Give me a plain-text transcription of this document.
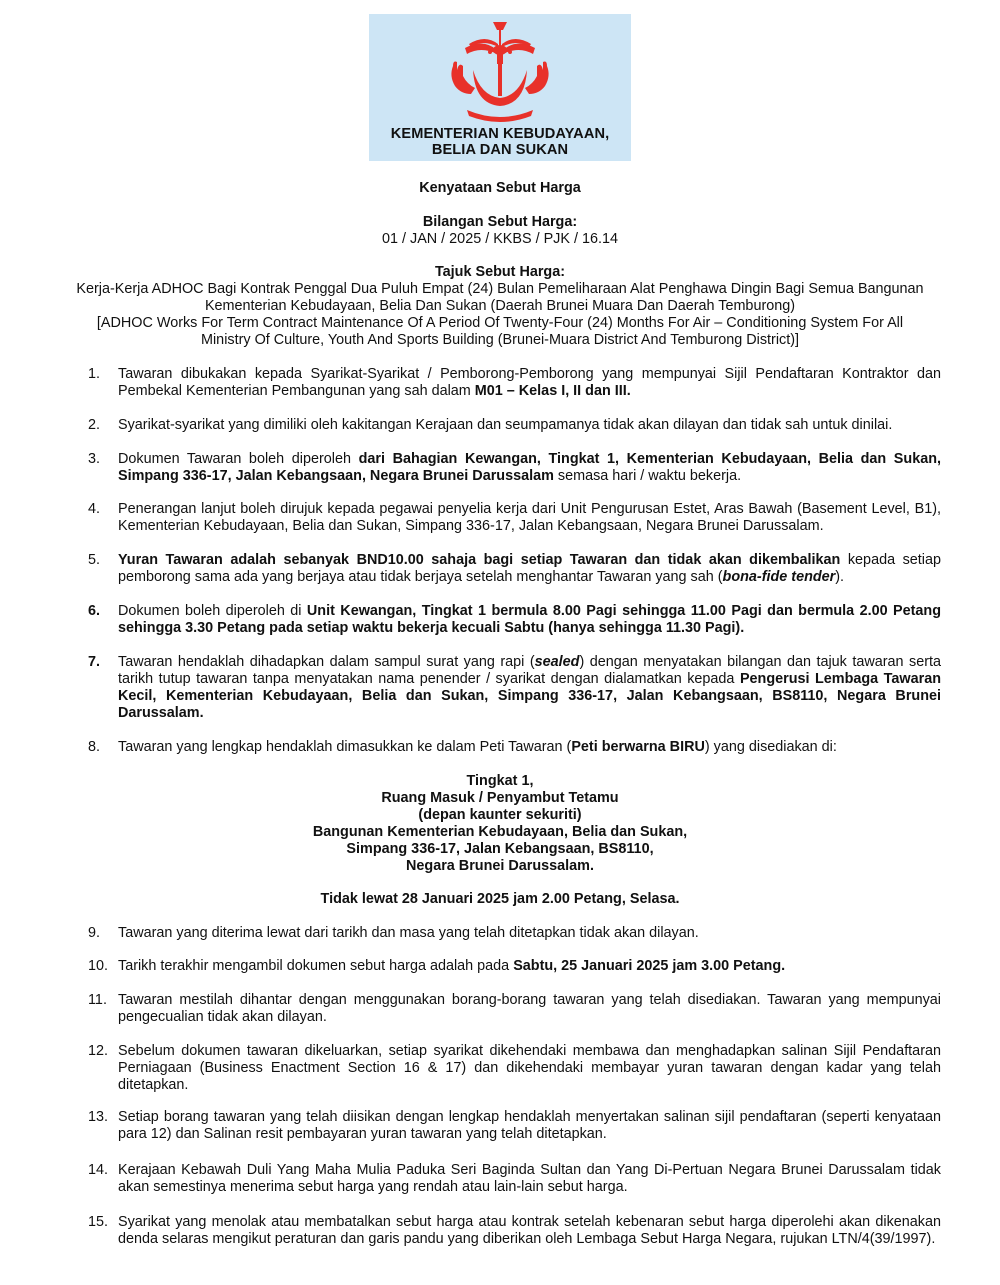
KEMENTERIAN KEBUDAYAAN,
BELIA DAN SUKAN
Kenyataan Sebut Harga
Bilangan Sebut Harga:
01 / JAN / 2025 / KKBS / PJK / 16.14
Tajuk Sebut Harga:
Kerja-Kerja ADHOC Bagi Kontrak Penggal Dua Puluh Empat (24) Bulan Pemeliharaan Alat Penghawa Dingin Bagi Semua Bangunan
Kementerian Kebudayaan, Belia Dan Sukan (Daerah Brunei Muara Dan Daerah Temburong)
[ADHOC Works For Term Contract Maintenance Of A Period Of Twenty-Four (24) Months For Air – Conditioning System For All
Ministry Of Culture, Youth And Sports Building (Brunei-Muara District And Temburong District)]
1. Tawaran dibukakan kepada Syarikat-Syarikat / Pemborong-Pemborong yang mempunyai Sijil Pendaftaran Kontraktor dan Pembekal Kementerian Pembangunan yang sah dalam M01 – Kelas I, II dan III.
2. Syarikat-syarikat yang dimiliki oleh kakitangan Kerajaan dan seumpamanya tidak akan dilayan dan tidak sah untuk dinilai.
3. Dokumen Tawaran boleh diperoleh dari Bahagian Kewangan, Tingkat 1, Kementerian Kebudayaan, Belia dan Sukan, Simpang 336-17, Jalan Kebangsaan, Negara Brunei Darussalam semasa hari / waktu bekerja.
4. Penerangan lanjut boleh dirujuk kepada pegawai penyelia kerja dari Unit Pengurusan Estet, Aras Bawah (Basement Level, B1), Kementerian Kebudayaan, Belia dan Sukan, Simpang 336-17, Jalan Kebangsaan, Negara Brunei Darussalam.
5. Yuran Tawaran adalah sebanyak BND10.00 sahaja bagi setiap Tawaran dan tidak akan dikembalikan kepada setiap pemborong sama ada yang berjaya atau tidak berjaya setelah menghantar Tawaran yang sah (bona-fide tender).
6. Dokumen boleh diperoleh di Unit Kewangan, Tingkat 1 bermula 8.00 Pagi sehingga 11.00 Pagi dan bermula 2.00 Petang sehingga 3.30 Petang pada setiap waktu bekerja kecuali Sabtu (hanya sehingga 11.30 Pagi).
7. Tawaran hendaklah dihadapkan dalam sampul surat yang rapi (sealed) dengan menyatakan bilangan dan tajuk tawaran serta tarikh tutup tawaran tanpa menyatakan nama penender / syarikat dengan dialamatkan kepada Pengerusi Lembaga Tawaran Kecil, Kementerian Kebudayaan, Belia dan Sukan, Simpang 336-17, Jalan Kebangsaan, BS8110, Negara Brunei Darussalam.
8. Tawaran yang lengkap hendaklah dimasukkan ke dalam Peti Tawaran (Peti berwarna BIRU) yang disediakan di:
Tingkat 1,
Ruang Masuk / Penyambut Tetamu
(depan kaunter sekuriti)
Bangunan Kementerian Kebudayaan, Belia dan Sukan,
Simpang 336-17, Jalan Kebangsaan, BS8110,
Negara Brunei Darussalam.
Tidak lewat 28 Januari 2025 jam 2.00 Petang, Selasa.
9. Tawaran yang diterima lewat dari tarikh dan masa yang telah ditetapkan tidak akan dilayan.
10. Tarikh terakhir mengambil dokumen sebut harga adalah pada Sabtu, 25 Januari 2025 jam 3.00 Petang.
11. Tawaran mestilah dihantar dengan menggunakan borang-borang tawaran yang telah disediakan. Tawaran yang mempunyai pengecualian tidak akan dilayan.
12. Sebelum dokumen tawaran dikeluarkan, setiap syarikat dikehendaki membawa dan menghadapkan salinan Sijil Pendaftaran Perniagaan (Business Enactment Section 16 & 17) dan dikehendaki membayar yuran tawaran dengan kadar yang telah ditetapkan.
13. Setiap borang tawaran yang telah diisikan dengan lengkap hendaklah menyertakan salinan sijil pendaftaran (seperti kenyataan para 12) dan Salinan resit pembayaran yuran tawaran yang telah ditetapkan.
14. Kerajaan Kebawah Duli Yang Maha Mulia Paduka Seri Baginda Sultan dan Yang Di-Pertuan Negara Brunei Darussalam tidak akan semestinya menerima sebut harga yang rendah atau lain-lain sebut harga.
15. Syarikat yang menolak atau membatalkan sebut harga atau kontrak setelah kebenaran sebut harga diperolehi akan dikenakan denda selaras mengikut peraturan dan garis pandu yang diberikan oleh Lembaga Sebut Harga Negara, rujukan LTN/4(39/1997).
